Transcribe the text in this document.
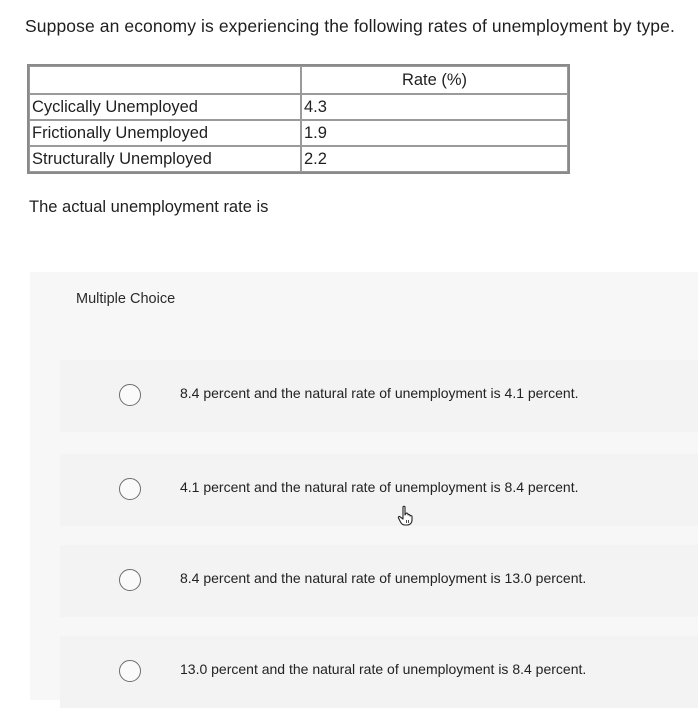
Suppose an economy is experiencing the following rates of unemployment by type.
	Rate (%)
Cyclically Unemployed	4.3
Frictionally Unemployed	1.9
Structurally Unemployed	2.2
The actual unemployment rate is
Multiple Choice
8.4 percent and the natural rate of unemployment is 4.1 percent.
4.1 percent and the natural rate of unemployment is 8.4 percent.
8.4 percent and the natural rate of unemployment is 13.0 percent.
13.0 percent and the natural rate of unemployment is 8.4 percent.
